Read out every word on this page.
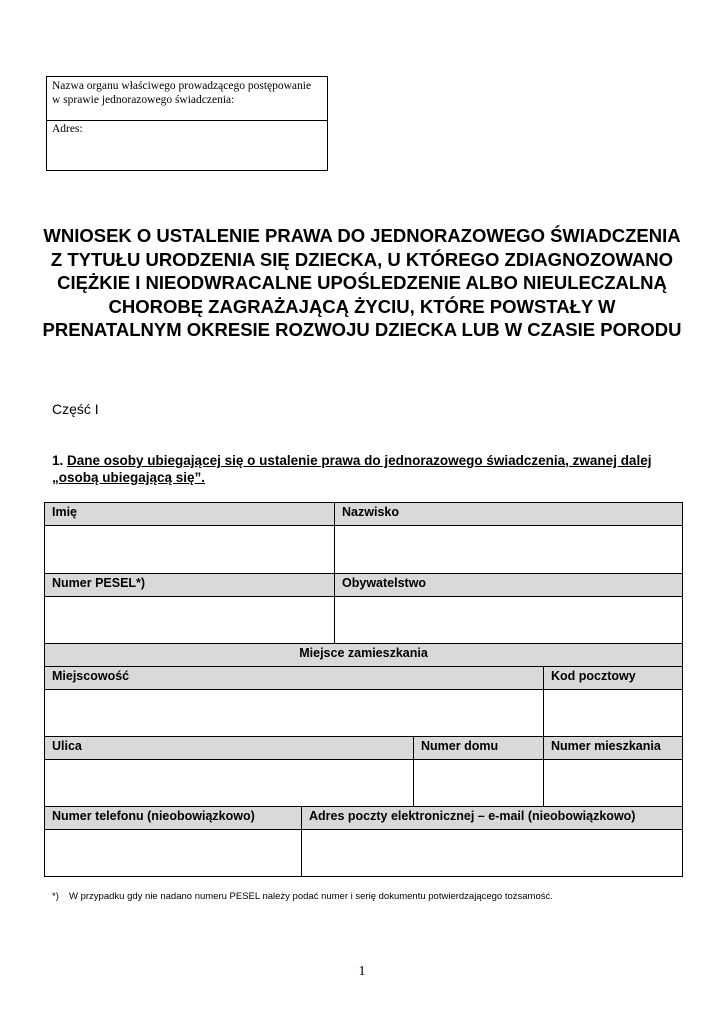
Nazwa organu właściwego prowadzącego postępowanie w sprawie jednorazowego świadczenia:
Adres:
WNIOSEK O USTALENIE PRAWA DO JEDNORAZOWEGO ŚWIADCZENIA Z TYTUŁU URODZENIA SIĘ DZIECKA, U KTÓREGO ZDIAGNOZOWANO CIĘŻKIE I NIEODWRACALNE UPOŚLEDZENIE ALBO NIEULECZALNĄ CHOROBĘ ZAGRAŻAJĄCĄ ŻYCIU, KTÓRE POWSTAŁY W PRENATALNYM OKRESIE ROZWOJU DZIECKA LUB W CZASIE PORODU
Część I
1. Dane osoby ubiegającej się o ustalenie prawa do jednorazowego świadczenia, zwanej dalej „osobą ubiegającą się”.
Imię		Nazwisko		

Numer PESEL*)		Obywatelstwo		

Miejsce zamieszkania				
Miejscowość				Kod pocztowy

Ulica			Numer domu	Numer mieszkania

Numer telefonu (nieobowiązkowo)	Adres poczty elektronicznej – e-mail (nieobowiązkowo)			

*) W przypadku gdy nie nadano numeru PESEL należy podać numer i serię dokumentu potwierdzającego tożsamość.
1
